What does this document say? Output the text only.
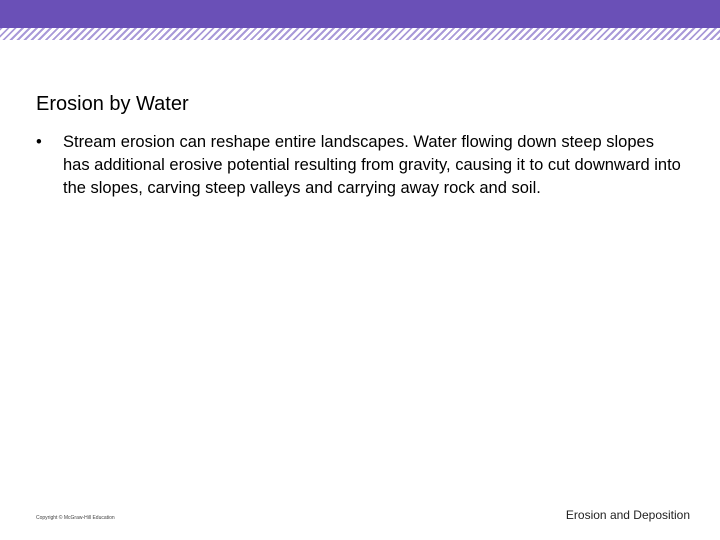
Erosion by Water
•	Stream erosion can reshape entire landscapes. Water flowing down steep slopes has additional erosive potential resulting from gravity, causing it to cut downward into the slopes, carving steep valleys and carrying away rock and soil.
Copyright © McGraw-Hill Education	Erosion and Deposition
